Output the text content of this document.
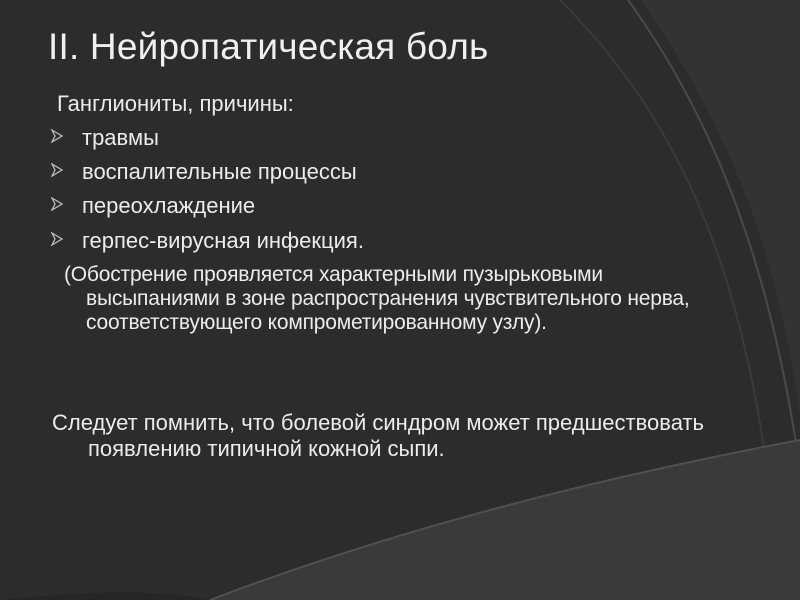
II. Нейропатическая боль
Ганглиониты, причины:
травмы
воспалительные процессы
переохлаждение
герпес-вирусная инфекция.
(Обострение проявляется характерными пузырьковыми высыпаниями в зоне распространения чувствительного нерва, соответствующего компрометированному узлу).
Следует помнить, что болевой синдром может предшествовать появлению типичной кожной сыпи.
